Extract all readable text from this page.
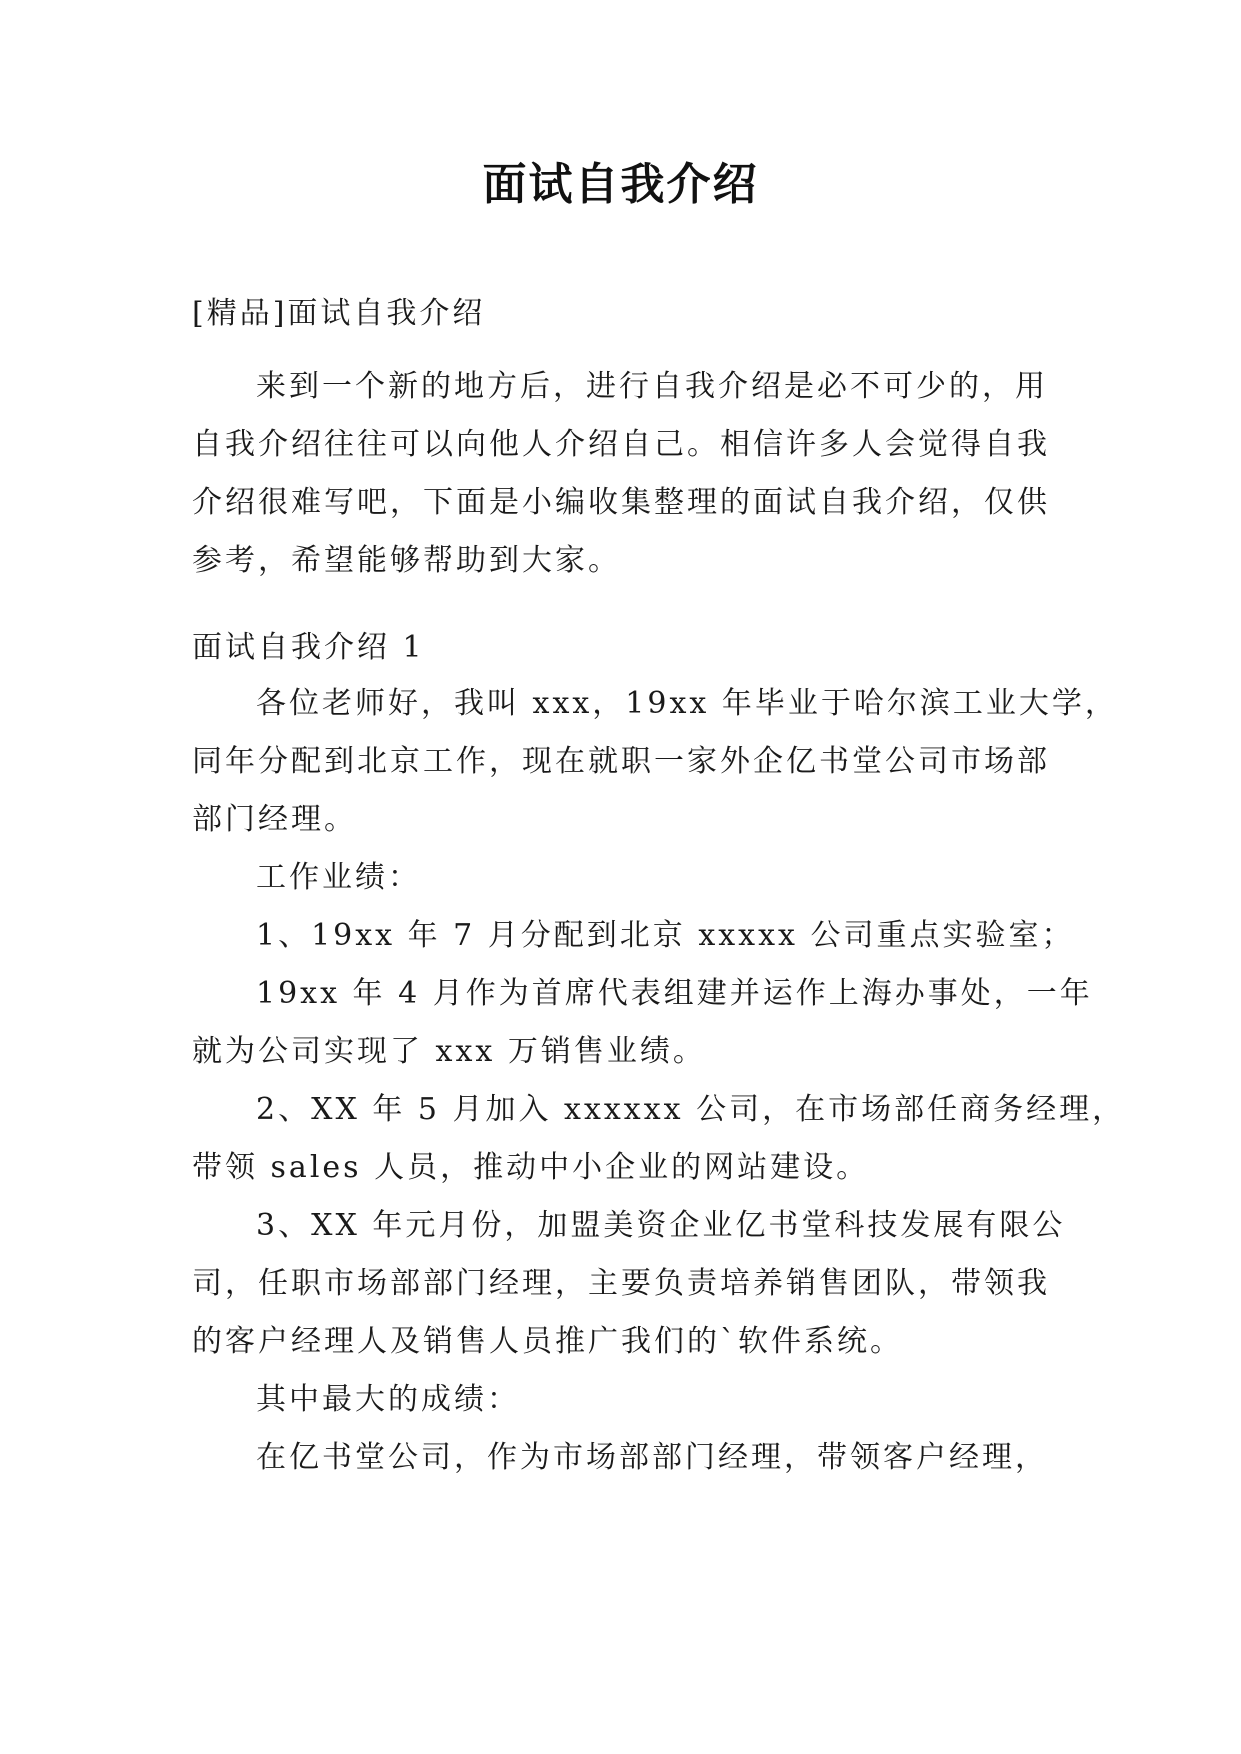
面试自我介绍
[精品]面试自我介绍
来到一个新的地方后，进行自我介绍是必不可少的，用
自我介绍往往可以向他人介绍自己。相信许多人会觉得自我
介绍很难写吧，下面是小编收集整理的面试自我介绍，仅供
参考，希望能够帮助到大家。
面试自我介绍 1
各位老师好，我叫 xxx，19xx 年毕业于哈尔滨工业大学，
同年分配到北京工作，现在就职一家外企亿书堂公司市场部
部门经理。
工作业绩：
1、19xx 年 7 月分配到北京 xxxxx 公司重点实验室；
19xx 年 4 月作为首席代表组建并运作上海办事处，一年
就为公司实现了 xxx 万销售业绩。
2、XX 年 5 月加入 xxxxxx 公司，在市场部任商务经理，
带领 sales 人员，推动中小企业的网站建设。
3、XX 年元月份，加盟美资企业亿书堂科技发展有限公
司，任职市场部部门经理，主要负责培养销售团队，带领我
的客户经理人及销售人员推广我们的`软件系统。
其中最大的成绩：
在亿书堂公司，作为市场部部门经理，带领客户经理，
